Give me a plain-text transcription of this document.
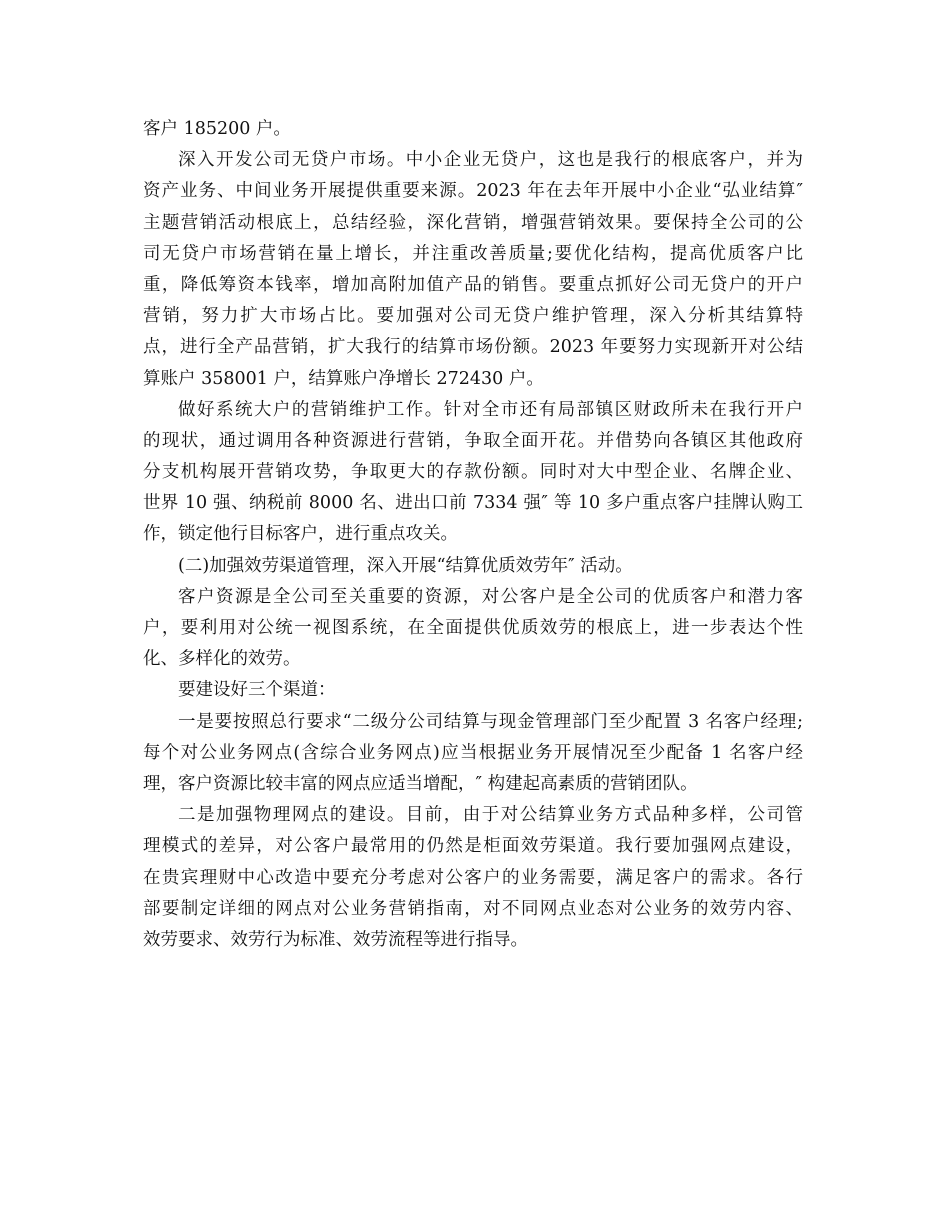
客户 185200 户。
深入开发公司无贷户市场。中小企业无贷户，这也是我行的根底客户，并为
资产业务、中间业务开展提供重要来源。2023 年在去年开展中小企业“弘业结算″
主题营销活动根底上，总结经验，深化营销，增强营销效果。要保持全公司的公
司无贷户市场营销在量上增长，并注重改善质量;要优化结构，提高优质客户比
重，降低筹资本钱率，增加高附加值产品的销售。要重点抓好公司无贷户的开户
营销，努力扩大市场占比。要加强对公司无贷户维护管理，深入分析其结算特
点，进行全产品营销，扩大我行的结算市场份额。2023 年要努力实现新开对公结
算账户 358001 户，结算账户净增长 272430 户。
做好系统大户的营销维护工作。针对全市还有局部镇区财政所未在我行开户
的现状，通过调用各种资源进行营销，争取全面开花。并借势向各镇区其他政府
分支机构展开营销攻势，争取更大的存款份额。同时对大中型企业、名牌企业、
世界 10 强、纳税前 8000 名、进出口前 7334 强″ 等 10 多户重点客户挂牌认购工
作，锁定他行目标客户，进行重点攻关。
(二)加强效劳渠道管理，深入开展“结算优质效劳年″ 活动。
客户资源是全公司至关重要的资源，对公客户是全公司的优质客户和潜力客
户，要利用对公统一视图系统，在全面提供优质效劳的根底上，进一步表达个性
化、多样化的效劳。
要建设好三个渠道：
一是要按照总行要求“二级分公司结算与现金管理部门至少配置 3 名客户经理;
每个对公业务网点(含综合业务网点)应当根据业务开展情况至少配备 1 名客户经
理，客户资源比较丰富的网点应适当增配，″ 构建起高素质的营销团队。
二是加强物理网点的建设。目前，由于对公结算业务方式品种多样，公司管
理模式的差异，对公客户最常用的仍然是柜面效劳渠道。我行要加强网点建设，
在贵宾理财中心改造中要充分考虑对公客户的业务需要，满足客户的需求。各行
部要制定详细的网点对公业务营销指南，对不同网点业态对公业务的效劳内容、
效劳要求、效劳行为标准、效劳流程等进行指导。
